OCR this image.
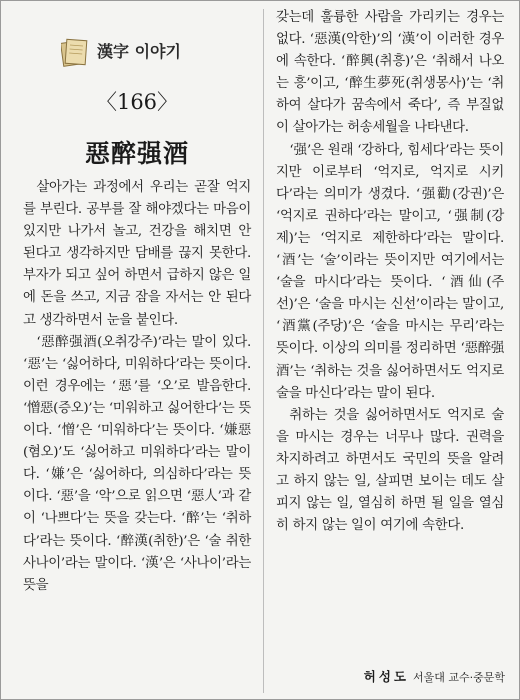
漢字 이야기
〈166〉
惡醉强酒

살아가는 과정에서 우리는 곧잘 억지를 부린다. 공부를 잘 해야겠다는 마음이 있지만 나가서 놀고, 건강을 해치면 안 된다고 생각하지만 담배를 끊지 못한다. 부자가 되고 싶어 하면서 급하지 않은 일에 돈을 쓰고, 지금 잠을 자서는 안 된다고 생각하면서 눈을 붙인다.

‘惡醉强酒(오취강주)’라는 말이 있다. ‘惡’는 ‘싫어하다, 미워하다’라는 뜻이다. 이런 경우에는 ‘惡’를 ‘오’로 발음한다. ‘憎惡(증오)’는 ‘미워하고 싫어한다’는 뜻이다. ‘憎’은 ‘미워하다’는 뜻이다. ‘嫌惡(혐오)’도 ‘싫어하고 미워하다’라는 말이다. ‘嫌’은 ‘싫어하다, 의심하다’라는 뜻이다. ‘惡’을 ‘악’으로 읽으면 ‘惡人’과 같이 ‘나쁘다’는 뜻을 갖는다. ‘醉’는 ‘취하다’라는 뜻이다. ‘醉漢(취한)’은 ‘술 취한 사나이’라는 말이다. ‘漢’은 ‘사나이’라는 뜻을

갖는데 훌륭한 사람을 가리키는 경우는 없다. ‘惡漢(악한)’의 ‘漢’이 이러한 경우에 속한다. ‘醉興(취흥)’은 ‘취해서 나오는 흥’이고, ‘醉生夢死(취생몽사)’는 ‘취하여 살다가 꿈속에서 죽다’, 즉 부질없이 살아가는 허송세월을 나타낸다.

‘强’은 원래 ‘강하다, 힘세다’라는 뜻이지만 이로부터 ‘억지로, 억지로 시키다’라는 의미가 생겼다. ‘强勸(강권)’은 ‘억지로 권하다’라는 말이고, ‘强制(강제)’는 ‘억지로 제한하다’라는 말이다. ‘酒’는 ‘술’이라는 뜻이지만 여기에서는 ‘술을 마시다’라는 뜻이다. ‘酒仙(주선)’은 ‘술을 마시는 신선’이라는 말이고, ‘酒黨(주당)’은 ‘술을 마시는 무리’라는 뜻이다. 이상의 의미를 정리하면 ‘惡醉强酒’는 ‘취하는 것을 싫어하면서도 억지로 술을 마신다’라는 말이 된다.

취하는 것을 싫어하면서도 억지로 술을 마시는 경우는 너무나 많다. 권력을 차지하려고 하면서도 국민의 뜻을 알려고 하지 않는 일, 살피면 보이는 데도 살피지 않는 일, 열심히 하면 될 일을 열심히 하지 않는 일이 여기에 속한다.

허성도 서울대 교수·중문학
